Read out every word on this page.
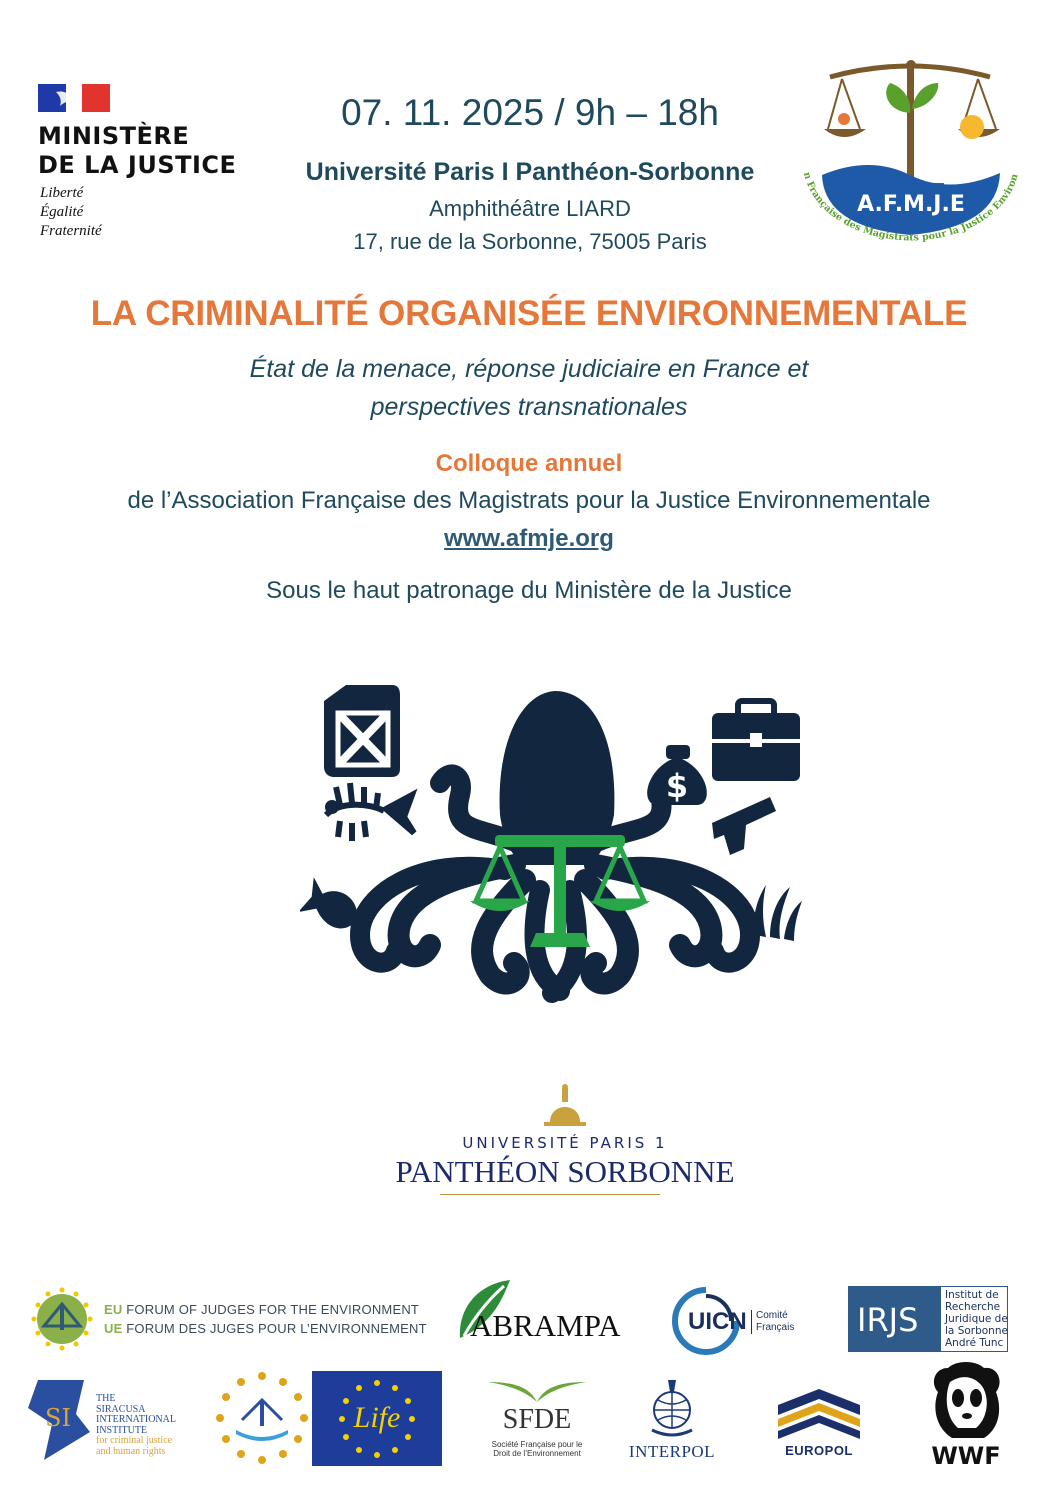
MINISTÈRE
DE LA JUSTICE
Liberté
Égalité
Fraternité
07. 11. 2025 / 9h – 18h
Université Paris I Panthéon-Sorbonne
Amphithéâtre LIARD
17, rue de la Sorbonne, 75005 Paris
A.F.M.J.E
n Française des Magistrats pour la Justice Environ
LA CRIMINALITÉ ORGANISÉE ENVIRONNEMENTALE
État de la menace, réponse judiciaire en France et
perspectives transnationales
Colloque annuel
de l’Association Française des Magistrats pour la Justice Environnementale
www.afmje.org
Sous le haut patronage du Ministère de la Justice
$
UNIVERSITÉ PARIS 1
PANTHÉON SORBONNE
EU FORUM OF JUDGES FOR THE ENVIRONMENT
UE FORUM DES JUGES POUR L’ENVIRONNEMENT ABRAMPA	UICN Comité
Français IRJS
Institut de
Recherche
Juridique de
la Sorbonne
André Tunc
SI
THE
SIRACUSA
INTERNATIONAL
INSTITUTE
for criminal justice
and human rights
Life	SFDE
Société Française pour le
Droit de l’Environnement	INTERPOL	EUROPOL	WWF
